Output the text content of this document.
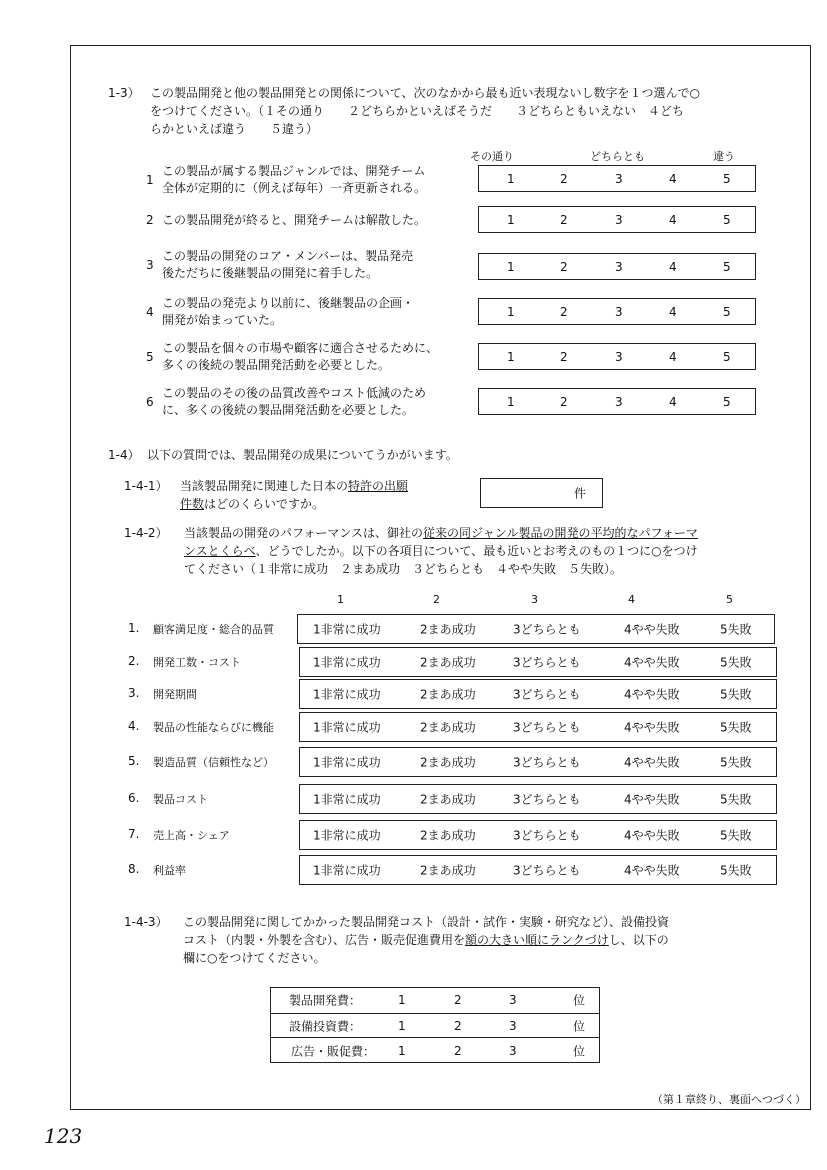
1-3） この製品開発と他の製品開発との関係について、次のなかから最も近い表現ないし数字を１つ選んで○
をつけてください。（１その通り　　２どちらかといえばそうだ　　３どちらともいえない　４どち
らかといえば違う　　５違う）
その通り	どちらとも	違う
1
この製品が属する製品ジャンルでは、開発チーム
全体が定期的に（例えば毎年）一斉更新される。
1	2	3	4	5
2 この製品開発が終ると、開発チームは解散した。	1	2	3	4	5
3
この製品の開発のコア・メンバーは、製品発売
後ただちに後継製品の開発に着手した。	1	2	3	4	5
4
この製品の発売より以前に、後継製品の企画・
開発が始まっていた。
1	2	3	4	5
5
この製品を個々の市場や顧客に適合させるために、
多くの後続の製品開発活動を必要とした。
1	2	3	4	5
6
この製品のその後の品質改善やコスト低減のため
に、多くの後続の製品開発活動を必要とした。
1	2	3	4	5
1-4） 以下の質問では、製品開発の成果についてうかがいます。
1-4-1） 当該製品開発に関連した日本の特許の出願
件数はどのくらいですか。
件
1-4-2） 当該製品の開発のパフォーマンスは、御社の従来の同ジャンル製品の開発の平均的なパフォーマ
ンスとくらべ、どうでしたか。以下の各項目について、最も近いとお考えのもの１つに○をつけ
てください（１非常に成功　２まあ成功　３どちらとも　４やや失敗　５失敗）。
1	2	3	4	5
1. 顧客満足度・総合的品質	1非常に成功	2まあ成功	3どちらとも	4やや失敗	5失敗
2. 開発工数・コスト	1非常に成功	2まあ成功	3どちらとも	4やや失敗	5失敗
3. 開発期間	1非常に成功	2まあ成功	3どちらとも	4やや失敗	5失敗
4. 製品の性能ならびに機能	1非常に成功	2まあ成功	3どちらとも	4やや失敗	5失敗
5. 製造品質（信頼性など）	1非常に成功	2まあ成功	3どちらとも	4やや失敗	5失敗
6. 製品コスト	1非常に成功	2まあ成功	3どちらとも	4やや失敗	5失敗
7. 売上高・シェア	1非常に成功	2まあ成功	3どちらとも	4やや失敗	5失敗
8. 利益率	1非常に成功	2まあ成功	3どちらとも	4やや失敗	5失敗
1-4-3） この製品開発に関してかかった製品開発コスト（設計・試作・実験・研究など）、設備投資
コスト（内製・外製を含む）、広告・販売促進費用を額の大きい順にランクづけし、以下の
欄に○をつけてください。
製品開発費：	1	2	3	位
設備投資費：	1	2	3	位
広告・販促費： 1	2	3	位
（第１章終り、裏面へつづく）
123
